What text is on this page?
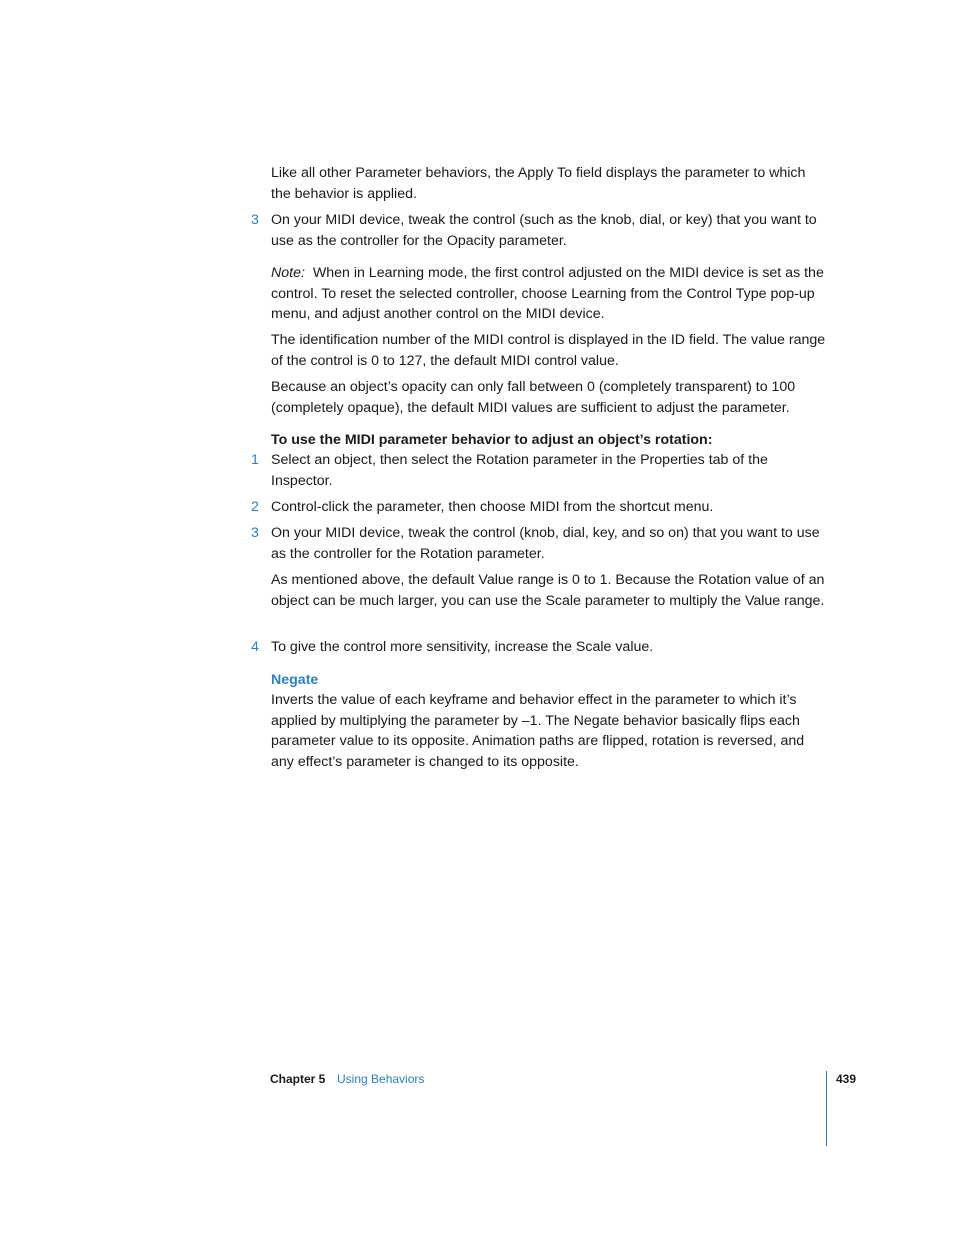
Like all other Parameter behaviors, the Apply To field displays the parameter to which the behavior is applied.

3 On your MIDI device, tweak the control (such as the knob, dial, or key) that you want to use as the controller for the Opacity parameter.

Note: When in Learning mode, the first control adjusted on the MIDI device is set as the control. To reset the selected controller, choose Learning from the Control Type pop-up menu, and adjust another control on the MIDI device.

The identification number of the MIDI control is displayed in the ID field. The value range of the control is 0 to 127, the default MIDI control value.

Because an object’s opacity can only fall between 0 (completely transparent) to 100 (completely opaque), the default MIDI values are sufficient to adjust the parameter.

To use the MIDI parameter behavior to adjust an object’s rotation:

1 Select an object, then select the Rotation parameter in the Properties tab of the Inspector.

2 Control-click the parameter, then choose MIDI from the shortcut menu.

3 On your MIDI device, tweak the control (knob, dial, key, and so on) that you want to use as the controller for the Rotation parameter.

As mentioned above, the default Value range is 0 to 1. Because the Rotation value of an object can be much larger, you can use the Scale parameter to multiply the Value range.

4 To give the control more sensitivity, increase the Scale value.

Negate

Inverts the value of each keyframe and behavior effect in the parameter to which it’s applied by multiplying the parameter by –1. The Negate behavior basically flips each parameter value to its opposite. Animation paths are flipped, rotation is reversed, and any effect’s parameter is changed to its opposite.

Chapter 5 Using Behaviors	439
